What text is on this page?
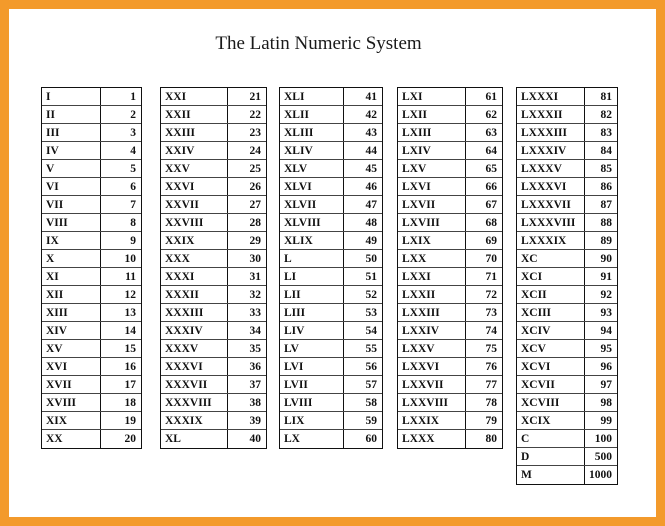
The Latin Numeric System
I	1
II	2
III	3
IV	4
V	5
VI	6
VII	7
VIII	8
IX	9
X	10
XI	11
XII	12
XIII	13
XIV	14
XV	15
XVI	16
XVII	17
XVIII	18
XIX	19
XX	20
XXI	21
XXII	22
XXIII	23
XXIV	24
XXV	25
XXVI	26
XXVII	27
XXVIII	28
XXIX	29
XXX	30
XXXI	31
XXXII	32
XXXIII	33
XXXIV	34
XXXV	35
XXXVI	36
XXXVII	37
XXXVIII	38
XXXIX	39
XL	40
XLI	41
XLII	42
XLIII	43
XLIV	44
XLV	45
XLVI	46
XLVII	47
XLVIII	48
XLIX	49
L	50
LI	51
LII	52
LIII	53
LIV	54
LV	55
LVI	56
LVII	57
LVIII	58
LIX	59
LX	60
LXI	61
LXII	62
LXIII	63
LXIV	64
LXV	65
LXVI	66
LXVII	67
LXVIII	68
LXIX	69
LXX	70
LXXI	71
LXXII	72
LXXIII	73
LXXIV	74
LXXV	75
LXXVI	76
LXXVII	77
LXXVIII	78
LXXIX	79
LXXX	80
LXXXI	81
LXXXII	82
LXXXIII	83
LXXXIV	84
LXXXV	85
LXXXVI	86
LXXXVII	87
LXXXVIII	88
LXXXIX	89
XC	90
XCI	91
XCII	92
XCIII	93
XCIV	94
XCV	95
XCVI	96
XCVII	97
XCVIII	98
XCIX	99
C	100
D	500
M	1000
